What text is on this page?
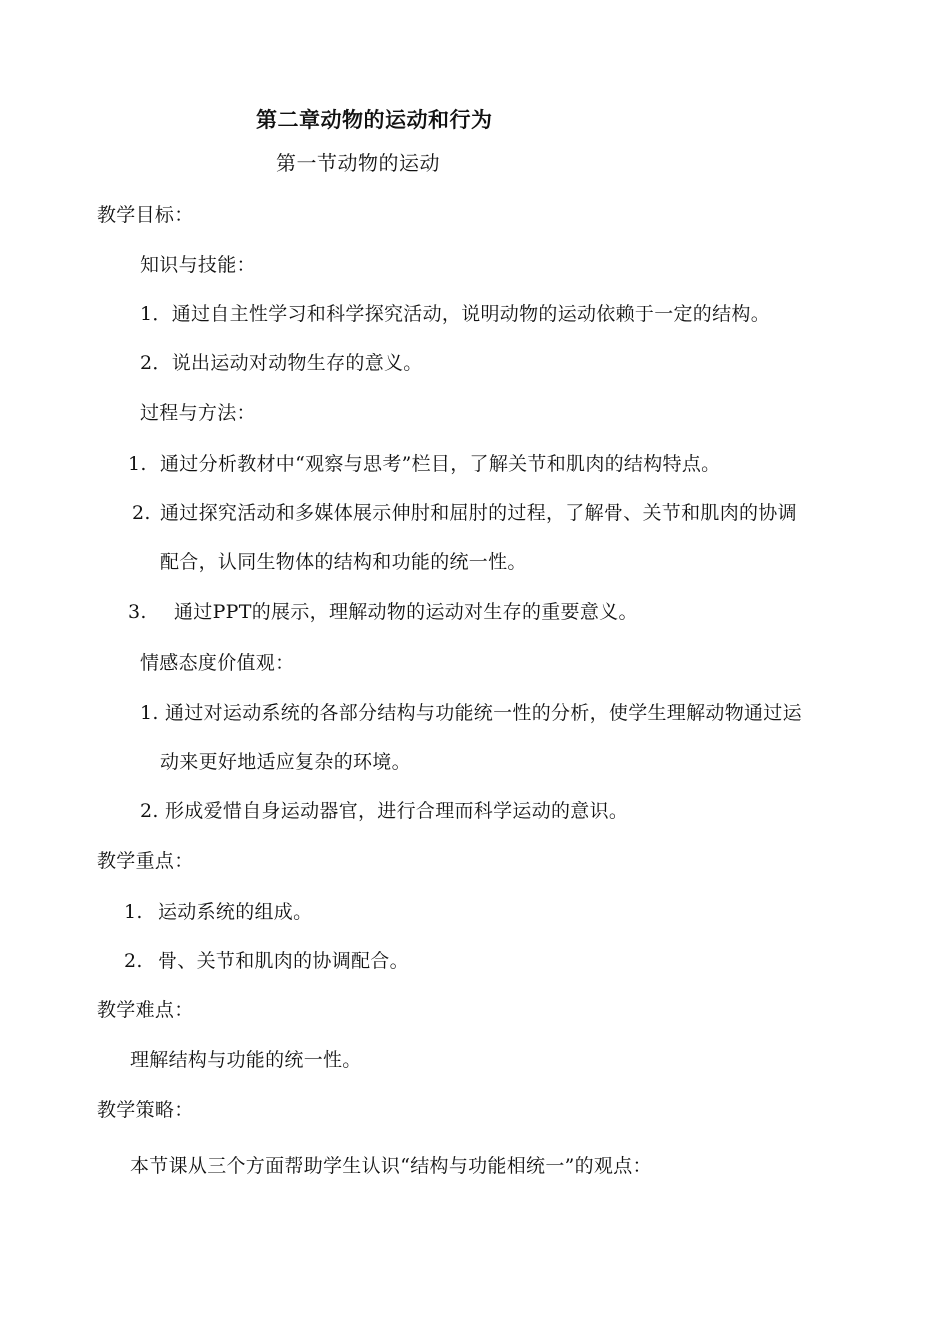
第二章动物的运动和行为
第一节动物的运动
教学目标：
知识与技能：
1．通过自主性学习和科学探究活动，说明动物的运动依赖于一定的结构。
2．说出运动对动物生存的意义。
过程与方法：
1. 通过分析教材中“观察与思考”栏目，了解关节和肌肉的结构特点。
2. 通过探究活动和多媒体展示伸肘和屈肘的过程，了解骨、关节和肌肉的协调
配合，认同生物体的结构和功能的统一性。
3. 通过PPT的展示，理解动物的运动对生存的重要意义。
情感态度价值观：
1. 通过对运动系统的各部分结构与功能统一性的分析，使学生理解动物通过运
动来更好地适应复杂的环境。
2. 形成爱惜自身运动器官，进行合理而科学运动的意识。
教学重点：
1. 运动系统的组成。
2. 骨、关节和肌肉的协调配合。
教学难点：
理解结构与功能的统一性。
教学策略：
本节课从三个方面帮助学生认识“结构与功能相统一”的观点：
